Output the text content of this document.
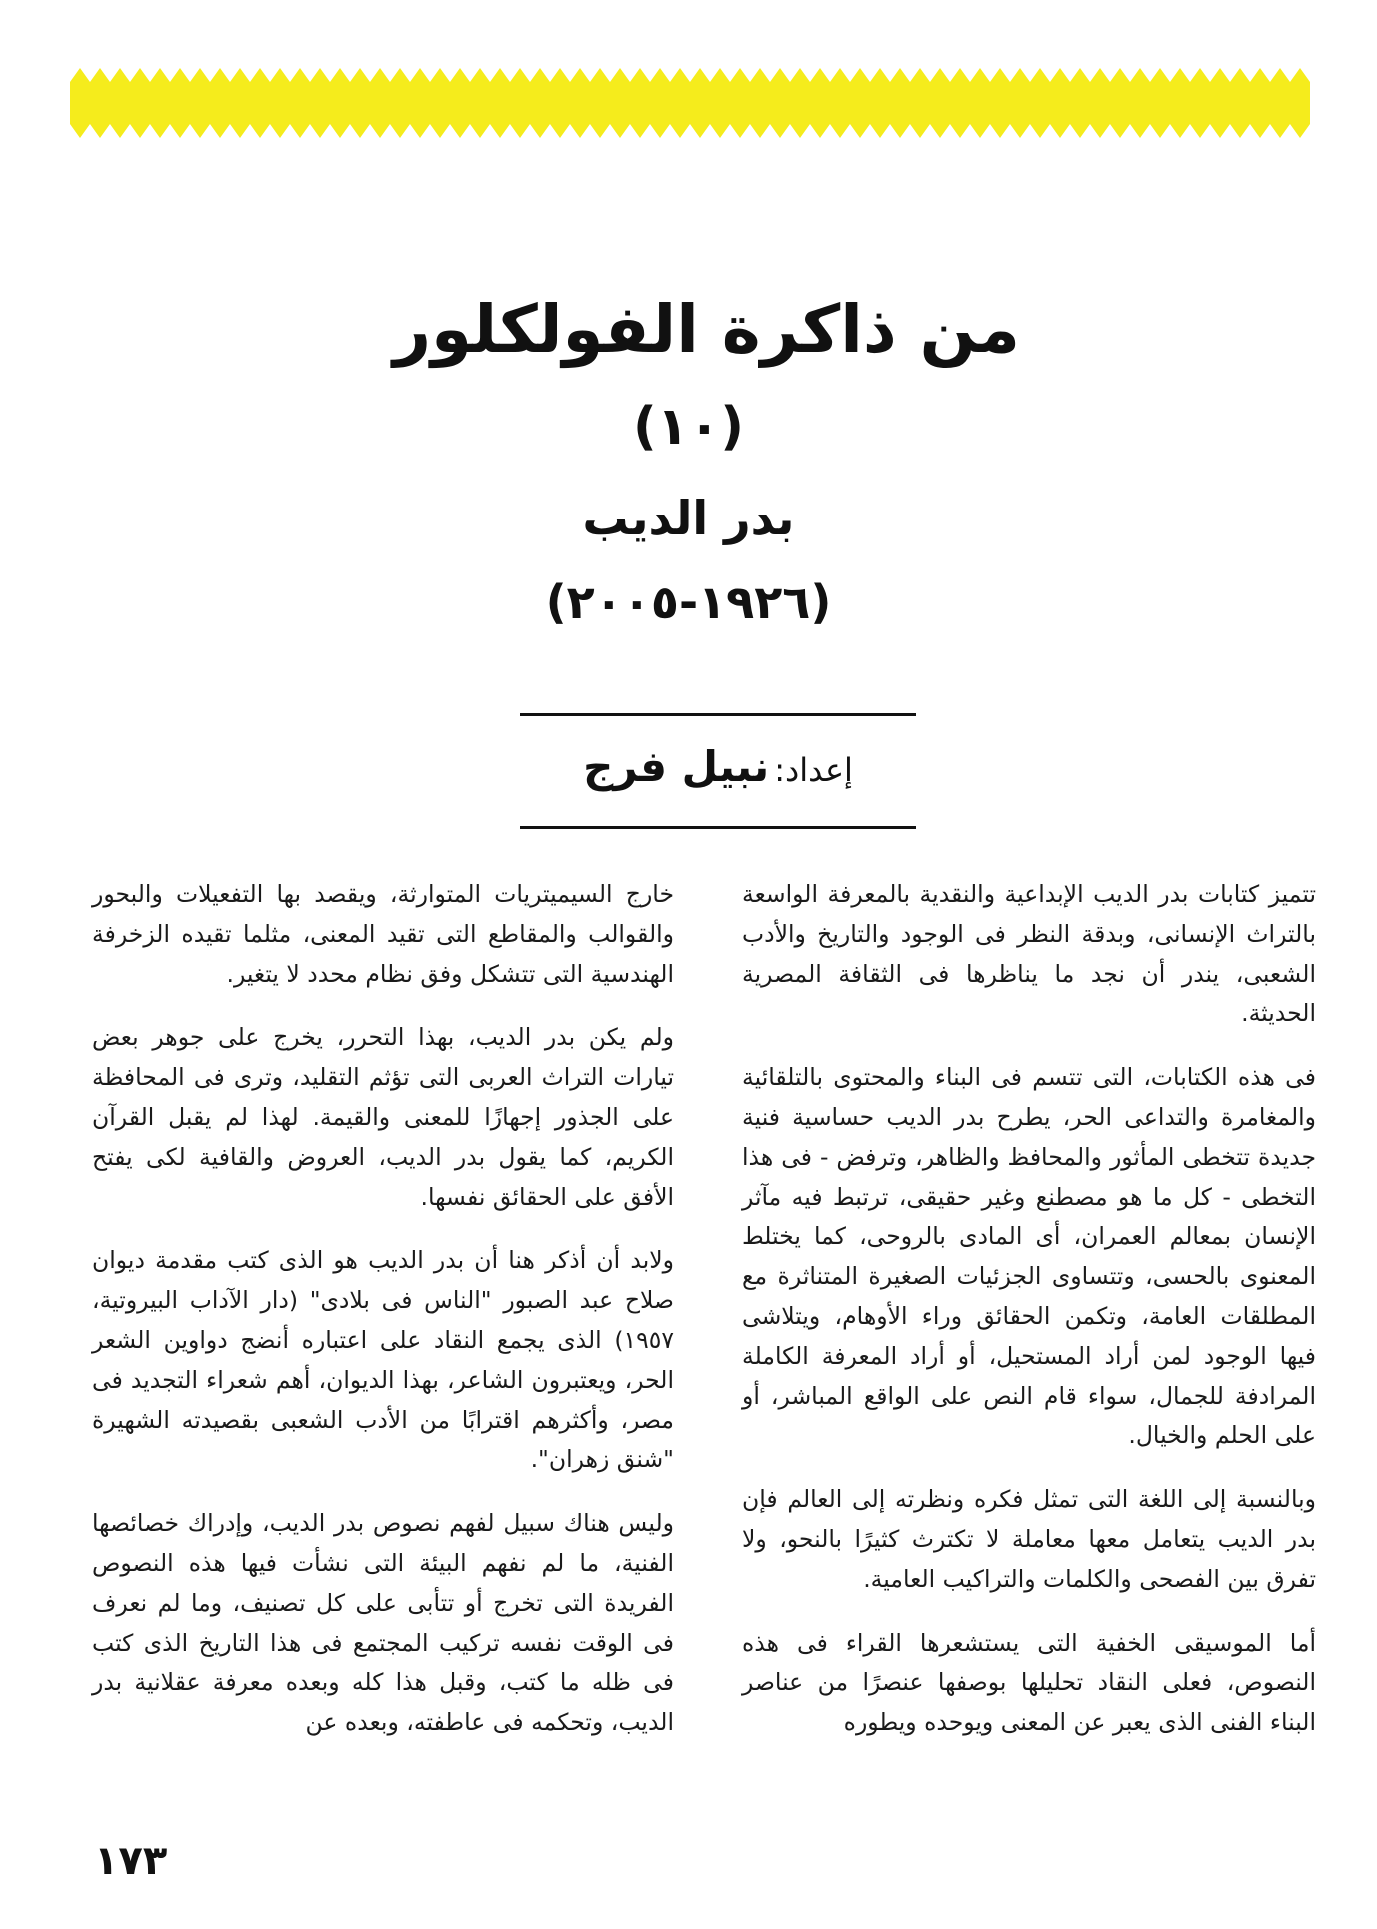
من ذاكرة الفولكلور
(١٠)
بدر الديب
(١٩٢٦-٢٠٠٥)
إعداد: نبيل فرج

تتميز كتابات بدر الديب الإبداعية والنقدية بالمعرفة الواسعة بالتراث الإنسانى، وبدقة النظر فى الوجود والتاريخ والأدب الشعبى، يندر أن نجد ما يناظرها فى الثقافة المصرية الحديثة.

فى هذه الكتابات، التى تتسم فى البناء والمحتوى بالتلقائية والمغامرة والتداعى الحر، يطرح بدر الديب حساسية فنية جديدة تتخطى المأثور والمحافظ والظاهر، وترفض - فى هذا التخطى - كل ما هو مصطنع وغير حقيقى، ترتبط فيه مآثر الإنسان بمعالم العمران، أى المادى بالروحى، كما يختلط المعنوى بالحسى، وتتساوى الجزئيات الصغيرة المتناثرة مع المطلقات العامة، وتكمن الحقائق وراء الأوهام، ويتلاشى فيها الوجود لمن أراد المستحيل، أو أراد المعرفة الكاملة المرادفة للجمال، سواء قام النص على الواقع المباشر، أو على الحلم والخيال.

وبالنسبة إلى اللغة التى تمثل فكره ونظرته إلى العالم فإن بدر الديب يتعامل معها معاملة لا تكترث كثيرًا بالنحو، ولا تفرق بين الفصحى والكلمات والتراكيب العامية.

أما الموسيقى الخفية التى يستشعرها القراء فى هذه النصوص، فعلى النقاد تحليلها بوصفها عنصرًا من عناصر البناء الفنى الذى يعبر عن المعنى ويوحده ويطوره

خارج السيميتريات المتوارثة، ويقصد بها التفعيلات والبحور والقوالب والمقاطع التى تقيد المعنى، مثلما تقيده الزخرفة الهندسية التى تتشكل وفق نظام محدد لا يتغير.

ولم يكن بدر الديب، بهذا التحرر، يخرج على جوهر بعض تيارات التراث العربى التى تؤثم التقليد، وترى فى المحافظة على الجذور إجهازًا للمعنى والقيمة. لهذا لم يقبل القرآن الكريم، كما يقول بدر الديب، العروض والقافية لكى يفتح الأفق على الحقائق نفسها.

ولابد أن أذكر هنا أن بدر الديب هو الذى كتب مقدمة ديوان صلاح عبد الصبور "الناس فى بلادى" (دار الآداب البيروتية، ١٩٥٧) الذى يجمع النقاد على اعتباره أنضج دواوين الشعر الحر، ويعتبرون الشاعر، بهذا الديوان، أهم شعراء التجديد فى مصر، وأكثرهم اقترابًا من الأدب الشعبى بقصيدته الشهيرة "شنق زهران".

وليس هناك سبيل لفهم نصوص بدر الديب، وإدراك خصائصها الفنية، ما لم نفهم البيئة التى نشأت فيها هذه النصوص الفريدة التى تخرج أو تتأبى على كل تصنيف، وما لم نعرف فى الوقت نفسه تركيب المجتمع فى هذا التاريخ الذى كتب فى ظله ما كتب، وقبل هذا كله وبعده معرفة عقلانية بدر الديب، وتحكمه فى عاطفته، وبعده عن

١٧٣
